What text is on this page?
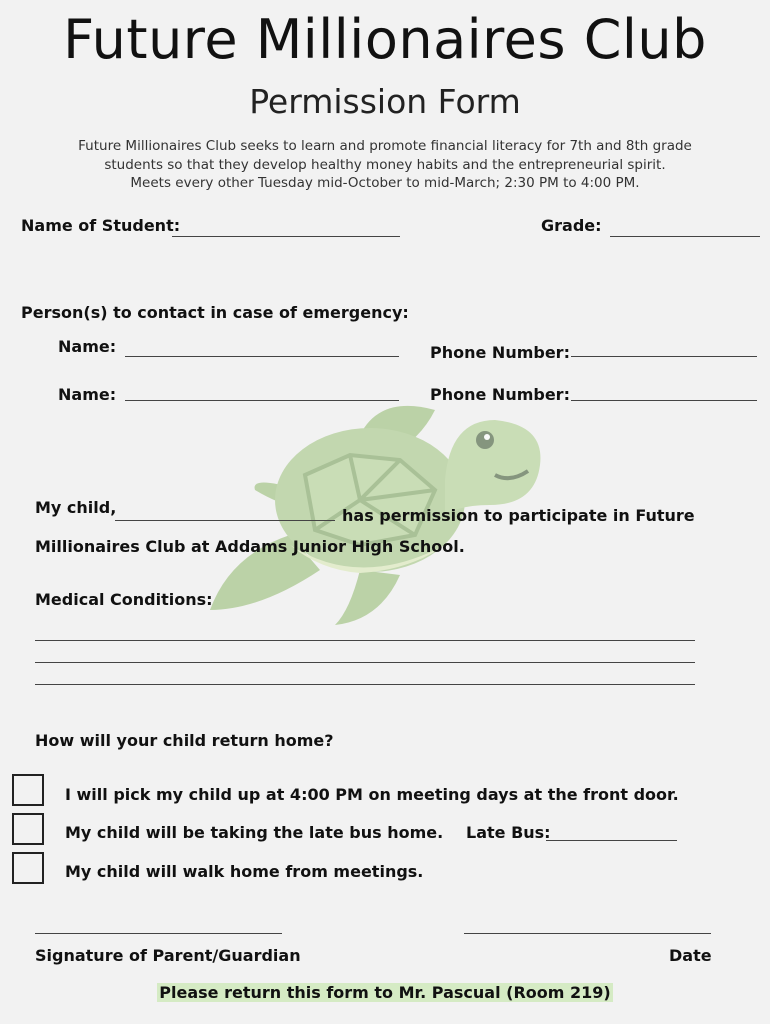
Future Millionaires Club
Permission Form
Future Millionaires Club seeks to learn and promote financial literacy for 7th and 8th grade
students so that they develop healthy money habits and the entrepreneurial spirit.
Meets every other Tuesday mid-October to mid-March; 2:30 PM to 4:00 PM.
Name of Student:	Grade:
Person(s) to contact in case of emergency:
Name:	Phone Number:
Name:	Phone Number:
My child,	has permission to participate in Future
Millionaires Club at Addams Junior High School.
Medical Conditions:
How will your child return home?
I will pick my child up at 4:00 PM on meeting days at the front door.
My child will be taking the late bus home. Late Bus:
My child will walk home from meetings.
Signature of Parent/Guardian	Date
Please return this form to Mr. Pascual (Room 219)
